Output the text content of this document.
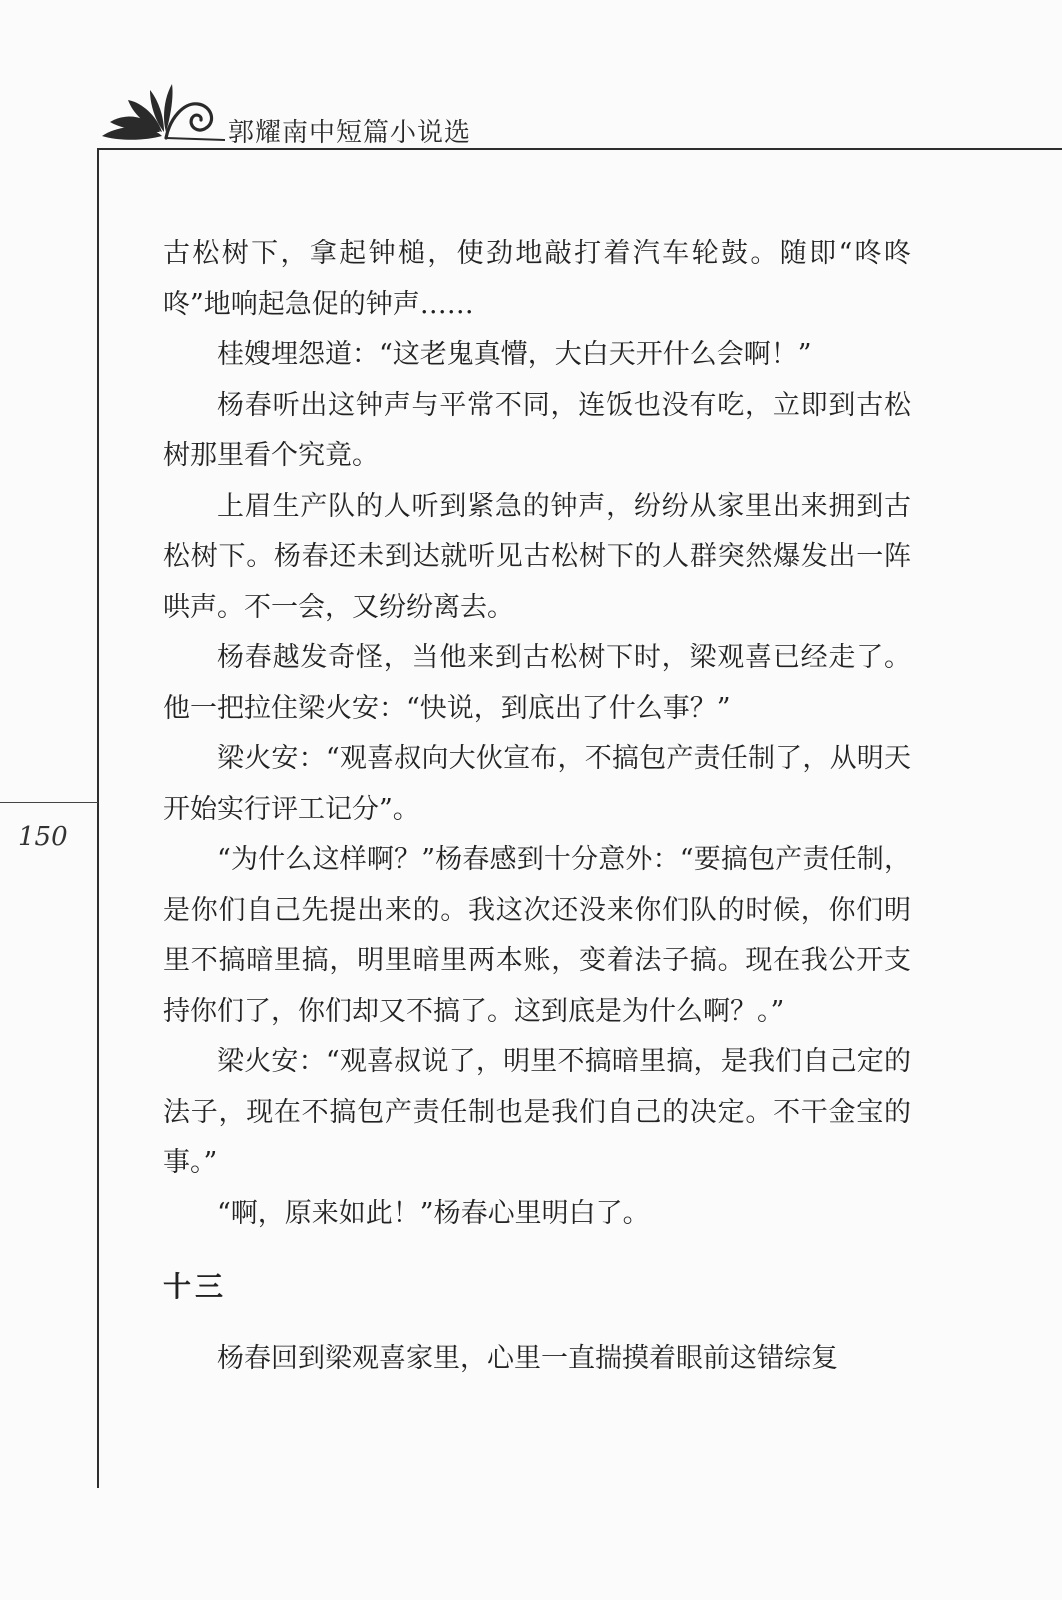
郭耀南中短篇小说选
150

古松树下，拿起钟槌，使劲地敲打着汽车轮鼓。随即“咚咚咚”地响起急促的钟声……

桂嫂埋怨道：“这老鬼真懵，大白天开什么会啊！”

杨春听出这钟声与平常不同，连饭也没有吃，立即到古松树那里看个究竟。

上眉生产队的人听到紧急的钟声，纷纷从家里出来拥到古松树下。杨春还未到达就听见古松树下的人群突然爆发出一阵哄声。不一会，又纷纷离去。

杨春越发奇怪，当他来到古松树下时，梁观喜已经走了。他一把拉住梁火安：“快说，到底出了什么事？”

梁火安：“观喜叔向大伙宣布，不搞包产责任制了，从明天开始实行评工记分”。

“为什么这样啊？”杨春感到十分意外：“要搞包产责任制，是你们自己先提出来的。我这次还没来你们队的时候，你们明里不搞暗里搞，明里暗里两本账，变着法子搞。现在我公开支持你们了，你们却又不搞了。这到底是为什么啊？。”

梁火安：“观喜叔说了，明里不搞暗里搞，是我们自己定的法子，现在不搞包产责任制也是我们自己的决定。不干金宝的事。”

“啊，原来如此！”杨春心里明白了。

十三

杨春回到梁观喜家里，心里一直揣摸着眼前这错综复
